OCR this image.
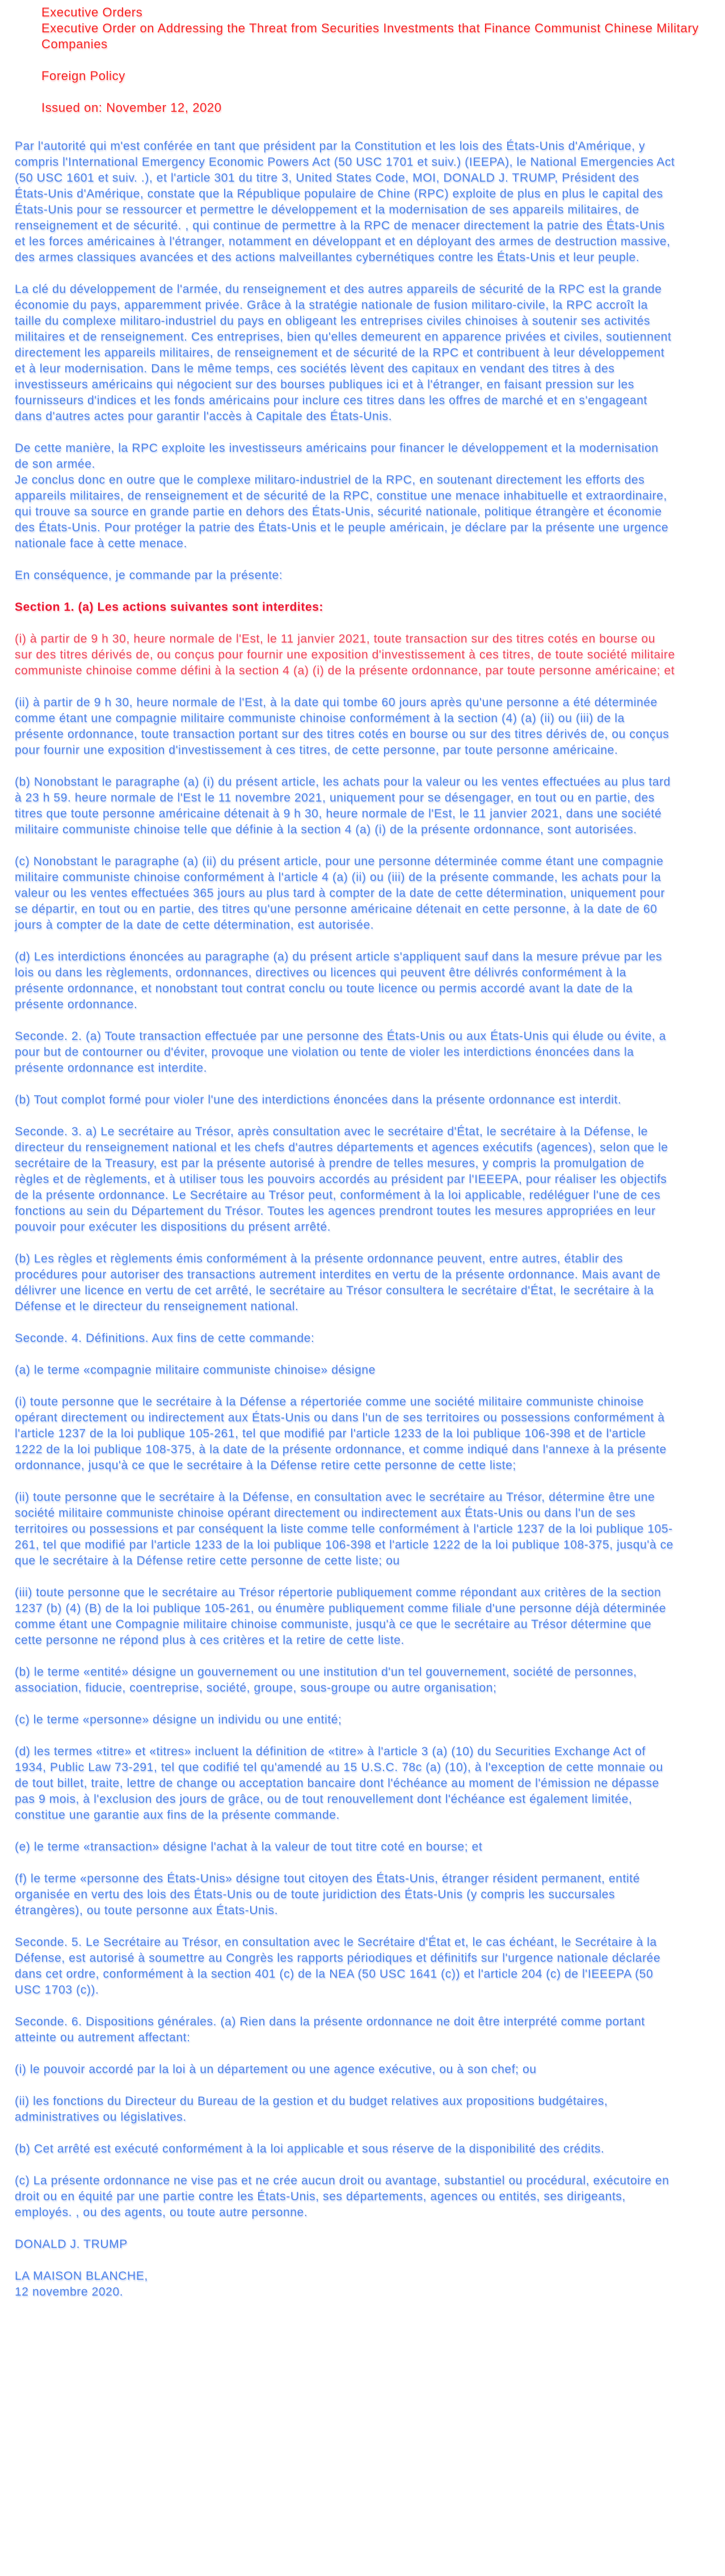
Executive Orders

Executive Order on Addressing the Threat from Securities Investments that Finance Communist Chinese Military Companies

Foreign Policy

Issued on: November 12, 2020

Par l'autorité qui m'est conférée en tant que président par la Constitution et les lois des États-Unis d'Amérique, y compris l'International Emergency Economic Powers Act (50 USC 1701 et suiv.) (IEEPA), le National Emergencies Act (50 USC 1601 et suiv. .), et l'article 301 du titre 3, United States Code, MOI, DONALD J. TRUMP, Président des États-Unis d'Amérique, constate que la République populaire de Chine (RPC) exploite de plus en plus le capital des États-Unis pour se ressourcer et permettre le développement et la modernisation de ses appareils militaires, de renseignement et de sécurité. , qui continue de permettre à la RPC de menacer directement la patrie des États-Unis et les forces américaines à l'étranger, notamment en développant et en déployant des armes de destruction massive, des armes classiques avancées et des actions malveillantes cybernétiques contre les États-Unis et leur peuple.

La clé du développement de l'armée, du renseignement et des autres appareils de sécurité de la RPC est la grande économie du pays, apparemment privée. Grâce à la stratégie nationale de fusion militaro-civile, la RPC accroît la taille du complexe militaro-industriel du pays en obligeant les entreprises civiles chinoises à soutenir ses activités militaires et de renseignement. Ces entreprises, bien qu'elles demeurent en apparence privées et civiles, soutiennent directement les appareils militaires, de renseignement et de sécurité de la RPC et contribuent à leur développement et à leur modernisation. Dans le même temps, ces sociétés lèvent des capitaux en vendant des titres à des investisseurs américains qui négocient sur des bourses publiques ici et à l'étranger, en faisant pression sur les fournisseurs d'indices et les fonds américains pour inclure ces titres dans les offres de marché et en s'engageant dans d'autres actes pour garantir l'accès à Capitale des États-Unis.

De cette manière, la RPC exploite les investisseurs américains pour financer le développement et la modernisation de son armée.

Je conclus donc en outre que le complexe militaro-industriel de la RPC, en soutenant directement les efforts des appareils militaires, de renseignement et de sécurité de la RPC, constitue une menace inhabituelle et extraordinaire, qui trouve sa source en grande partie en dehors des États-Unis, sécurité nationale, politique étrangère et économie des États-Unis. Pour protéger la patrie des États-Unis et le peuple américain, je déclare par la présente une urgence nationale face à cette menace.

En conséquence, je commande par la présente:

Section 1. (a) Les actions suivantes sont interdites:

(i) à partir de 9 h 30, heure normale de l'Est, le 11 janvier 2021, toute transaction sur des titres cotés en bourse ou sur des titres dérivés de, ou conçus pour fournir une exposition d'investissement à ces titres, de toute société militaire communiste chinoise comme défini à la section 4 (a) (i) de la présente ordonnance, par toute personne américaine; et

(ii) à partir de 9 h 30, heure normale de l'Est, à la date qui tombe 60 jours après qu'une personne a été déterminée comme étant une compagnie militaire communiste chinoise conformément à la section (4) (a) (ii) ou (iii) de la présente ordonnance, toute transaction portant sur des titres cotés en bourse ou sur des titres dérivés de, ou conçus pour fournir une exposition d'investissement à ces titres, de cette personne, par toute personne américaine.

(b) Nonobstant le paragraphe (a) (i) du présent article, les achats pour la valeur ou les ventes effectuées au plus tard à 23 h 59. heure normale de l'Est le 11 novembre 2021, uniquement pour se désengager, en tout ou en partie, des titres que toute personne américaine détenait à 9 h 30, heure normale de l'Est, le 11 janvier 2021, dans une société militaire communiste chinoise telle que définie à la section 4 (a) (i) de la présente ordonnance, sont autorisées.

(c) Nonobstant le paragraphe (a) (ii) du présent article, pour une personne déterminée comme étant une compagnie militaire communiste chinoise conformément à l'article 4 (a) (ii) ou (iii) de la présente commande, les achats pour la valeur ou les ventes effectuées 365 jours au plus tard à compter de la date de cette détermination, uniquement pour se départir, en tout ou en partie, des titres qu'une personne américaine détenait en cette personne, à la date de 60 jours à compter de la date de cette détermination, est autorisée.

(d) Les interdictions énoncées au paragraphe (a) du présent article s'appliquent sauf dans la mesure prévue par les lois ou dans les règlements, ordonnances, directives ou licences qui peuvent être délivrés conformément à la présente ordonnance, et nonobstant tout contrat conclu ou toute licence ou permis accordé avant la date de la présente ordonnance.

Seconde. 2. (a) Toute transaction effectuée par une personne des États-Unis ou aux États-Unis qui élude ou évite, a pour but de contourner ou d'éviter, provoque une violation ou tente de violer les interdictions énoncées dans la présente ordonnance est interdite.

(b) Tout complot formé pour violer l'une des interdictions énoncées dans la présente ordonnance est interdit.

Seconde. 3. a) Le secrétaire au Trésor, après consultation avec le secrétaire d'État, le secrétaire à la Défense, le directeur du renseignement national et les chefs d'autres départements et agences exécutifs (agences), selon que le secrétaire de la Treasury, est par la présente autorisé à prendre de telles mesures, y compris la promulgation de règles et de règlements, et à utiliser tous les pouvoirs accordés au président par l'IEEEPA, pour réaliser les objectifs de la présente ordonnance. Le Secrétaire au Trésor peut, conformément à la loi applicable, redéléguer l'une de ces fonctions au sein du Département du Trésor. Toutes les agences prendront toutes les mesures appropriées en leur pouvoir pour exécuter les dispositions du présent arrêté.

(b) Les règles et règlements émis conformément à la présente ordonnance peuvent, entre autres, établir des procédures pour autoriser des transactions autrement interdites en vertu de la présente ordonnance. Mais avant de délivrer une licence en vertu de cet arrêté, le secrétaire au Trésor consultera le secrétaire d'État, le secrétaire à la Défense et le directeur du renseignement national.

Seconde. 4. Définitions. Aux fins de cette commande:

(a) le terme «compagnie militaire communiste chinoise» désigne

(i) toute personne que le secrétaire à la Défense a répertoriée comme une société militaire communiste chinoise opérant directement ou indirectement aux États-Unis ou dans l'un de ses territoires ou possessions conformément à l'article 1237 de la loi publique 105-261, tel que modifié par l'article 1233 de la loi publique 106-398 et de l'article 1222 de la loi publique 108-375, à la date de la présente ordonnance, et comme indiqué dans l'annexe à la présente ordonnance, jusqu'à ce que le secrétaire à la Défense retire cette personne de cette liste;

(ii) toute personne que le secrétaire à la Défense, en consultation avec le secrétaire au Trésor, détermine être une société militaire communiste chinoise opérant directement ou indirectement aux États-Unis ou dans l'un de ses territoires ou possessions et par conséquent la liste comme telle conformément à l'article 1237 de la loi publique 105-261, tel que modifié par l'article 1233 de la loi publique 106-398 et l'article 1222 de la loi publique 108-375, jusqu'à ce que le secrétaire à la Défense retire cette personne de cette liste; ou

(iii) toute personne que le secrétaire au Trésor répertorie publiquement comme répondant aux critères de la section 1237 (b) (4) (B) de la loi publique 105-261, ou énumère publiquement comme filiale d'une personne déjà déterminée comme étant une Compagnie militaire chinoise communiste, jusqu'à ce que le secrétaire au Trésor détermine que cette personne ne répond plus à ces critères et la retire de cette liste.

(b) le terme «entité» désigne un gouvernement ou une institution d'un tel gouvernement, société de personnes, association, fiducie, coentreprise, société, groupe, sous-groupe ou autre organisation;

(c) le terme «personne» désigne un individu ou une entité;

(d) les termes «titre» et «titres» incluent la définition de «titre» à l'article 3 (a) (10) du Securities Exchange Act of 1934, Public Law 73-291, tel que codifié tel qu'amendé au 15 U.S.C. 78c (a) (10), à l'exception de cette monnaie ou de tout billet, traite, lettre de change ou acceptation bancaire dont l'échéance au moment de l'émission ne dépasse pas 9 mois, à l'exclusion des jours de grâce, ou de tout renouvellement dont l'échéance est également limitée, constitue une garantie aux fins de la présente commande.

(e) le terme «transaction» désigne l'achat à la valeur de tout titre coté en bourse; et

(f) le terme «personne des États-Unis» désigne tout citoyen des États-Unis, étranger résident permanent, entité organisée en vertu des lois des États-Unis ou de toute juridiction des États-Unis (y compris les succursales étrangères), ou toute personne aux États-Unis.

Seconde. 5. Le Secrétaire au Trésor, en consultation avec le Secrétaire d'État et, le cas échéant, le Secrétaire à la Défense, est autorisé à soumettre au Congrès les rapports périodiques et définitifs sur l'urgence nationale déclarée dans cet ordre, conformément à la section 401 (c) de la NEA (50 USC 1641 (c)) et l'article 204 (c) de l'IEEEPA (50 USC 1703 (c)).

Seconde. 6. Dispositions générales. (a) Rien dans la présente ordonnance ne doit être interprété comme portant atteinte ou autrement affectant:

(i) le pouvoir accordé par la loi à un département ou une agence exécutive, ou à son chef; ou

(ii) les fonctions du Directeur du Bureau de la gestion et du budget relatives aux propositions budgétaires, administratives ou législatives.

(b) Cet arrêté est exécuté conformément à la loi applicable et sous réserve de la disponibilité des crédits.

(c) La présente ordonnance ne vise pas et ne crée aucun droit ou avantage, substantiel ou procédural, exécutoire en droit ou en équité par une partie contre les États-Unis, ses départements, agences ou entités, ses dirigeants, employés. , ou des agents, ou toute autre personne.

DONALD J. TRUMP

LA MAISON BLANCHE,

12 novembre 2020.
